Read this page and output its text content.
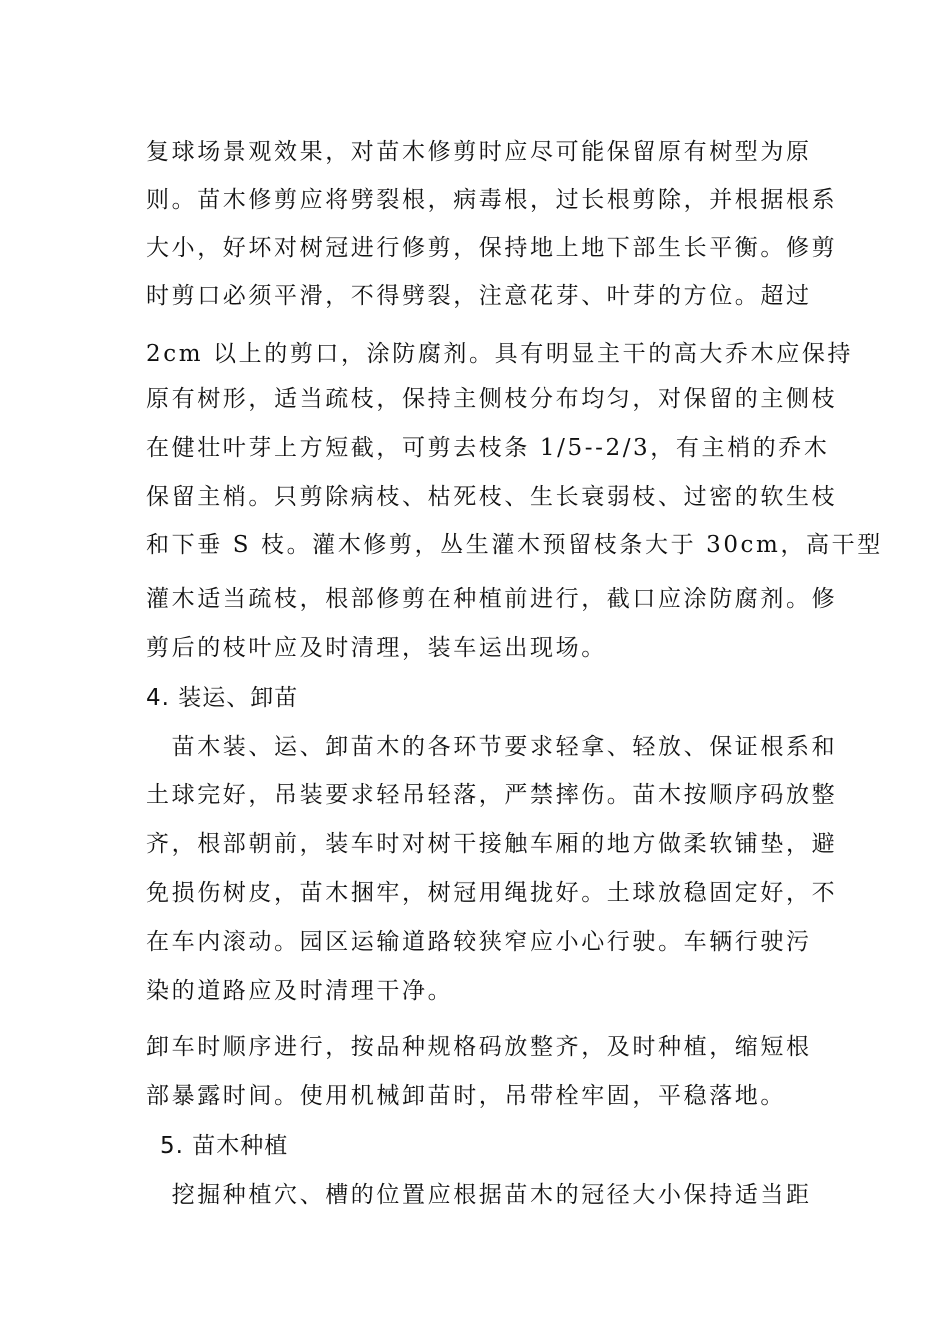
复球场景观效果，对苗木修剪时应尽可能保留原有树型为原
则。苗木修剪应将劈裂根，病毒根，过长根剪除，并根据根系
大小，好坏对树冠进行修剪，保持地上地下部生长平衡。修剪
时剪口必须平滑，不得劈裂，注意花芽、叶芽的方位。超过
2cm 以上的剪口，涂防腐剂。具有明显主干的高大乔木应保持
原有树形，适当疏枝，保持主侧枝分布均匀，对保留的主侧枝
在健壮叶芽上方短截，可剪去枝条 1/5--2/3，有主梢的乔木
保留主梢。只剪除病枝、枯死枝、生长衰弱枝、过密的软生枝
和下垂 S 枝。灌木修剪，丛生灌木预留枝条大于 30cm，高干型
灌木适当疏枝，根部修剪在种植前进行，截口应涂防腐剂。修
剪后的枝叶应及时清理，装车运出现场。
4. 装运、卸苗
　苗木装、运、卸苗木的各环节要求轻拿、轻放、保证根系和
土球完好，吊装要求轻吊轻落，严禁摔伤。苗木按顺序码放整
齐，根部朝前，装车时对树干接触车厢的地方做柔软铺垫，避
免损伤树皮，苗木捆牢，树冠用绳拢好。土球放稳固定好，不
在车内滚动。园区运输道路较狭窄应小心行驶。车辆行驶污
染的道路应及时清理干净。
卸车时顺序进行，按品种规格码放整齐，及时种植，缩短根
部暴露时间。使用机械卸苗时，吊带栓牢固，平稳落地。
5. 苗木种植
　挖掘种植穴、槽的位置应根据苗木的冠径大小保持适当距
